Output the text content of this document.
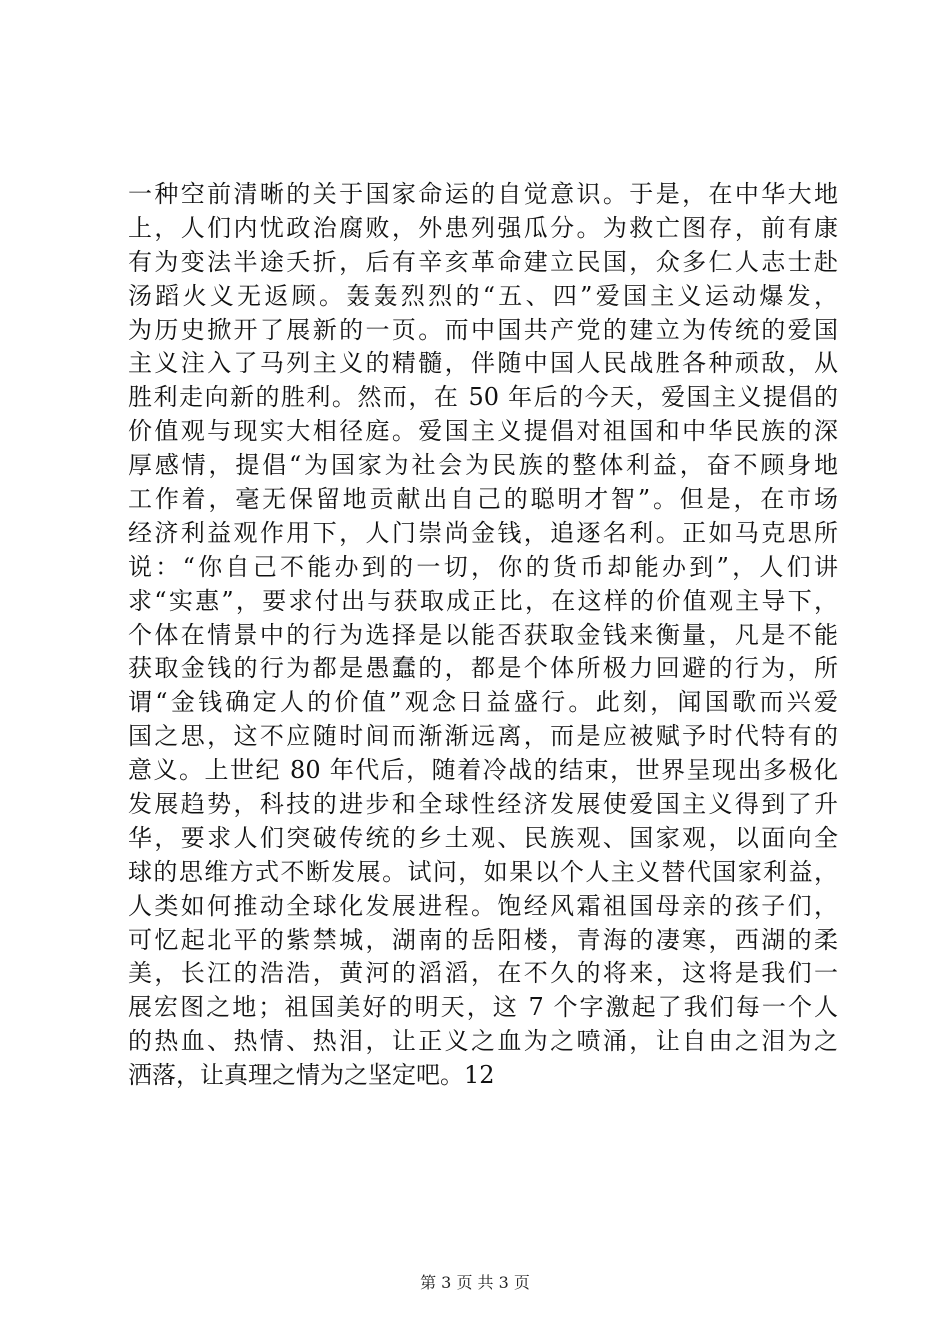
一种空前清晰的关于国家命运的自觉意识。于是，在中华大地
上，人们内忧政治腐败，外患列强瓜分。为救亡图存，前有康
有为变法半途夭折，后有辛亥革命建立民国，众多仁人志士赴
汤蹈火义无返顾。轰轰烈烈的“五、四”爱国主义运动爆发，
为历史掀开了展新的一页。而中国共产党的建立为传统的爱国
主义注入了马列主义的精髓，伴随中国人民战胜各种顽敌，从
胜利走向新的胜利。然而，在 50 年后的今天，爱国主义提倡的
价值观与现实大相径庭。爱国主义提倡对祖国和中华民族的深
厚感情，提倡“为国家为社会为民族的整体利益，奋不顾身地
工作着，毫无保留地贡献出自己的聪明才智”。但是，在市场
经济利益观作用下，人门崇尚金钱，追逐名利。正如马克思所
说：“你自己不能办到的一切，你的货币却能办到”，人们讲
求“实惠”，要求付出与获取成正比，在这样的价值观主导下，
个体在情景中的行为选择是以能否获取金钱来衡量，凡是不能
获取金钱的行为都是愚蠢的，都是个体所极力回避的行为，所
谓“金钱确定人的价值”观念日益盛行。此刻，闻国歌而兴爱
国之思，这不应随时间而渐渐远离，而是应被赋予时代特有的
意义。上世纪 80 年代后，随着冷战的结束，世界呈现出多极化
发展趋势，科技的进步和全球性经济发展使爱国主义得到了升
华，要求人们突破传统的乡土观、民族观、国家观，以面向全
球的思维方式不断发展。试问，如果以个人主义替代国家利益，
人类如何推动全球化发展进程。饱经风霜祖国母亲的孩子们，
可忆起北平的紫禁城，湖南的岳阳楼，青海的凄寒，西湖的柔
美，长江的浩浩，黄河的滔滔，在不久的将来，这将是我们一
展宏图之地；祖国美好的明天，这 7 个字激起了我们每一个人
的热血、热情、热泪，让正义之血为之喷涌，让自由之泪为之
洒落，让真理之情为之坚定吧。12
第 3 页 共 3 页
